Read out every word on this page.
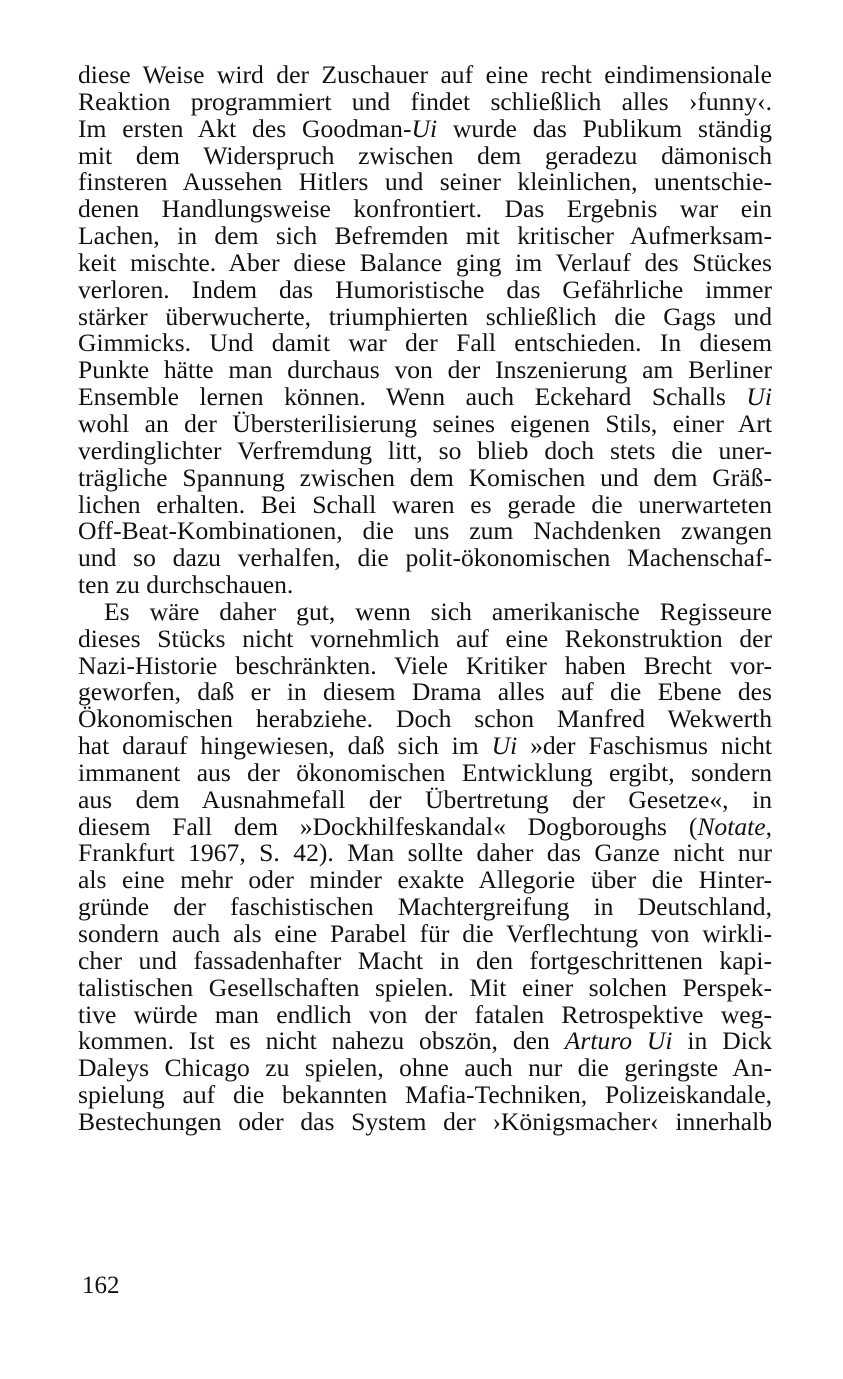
diese Weise wird der Zuschauer auf eine recht eindimensionale
Reaktion programmiert und findet schließlich alles ›funny‹.
Im ersten Akt des Goodman-Ui wurde das Publikum ständig
mit dem Widerspruch zwischen dem geradezu dämonisch
finsteren Aussehen Hitlers und seiner kleinlichen, unentschie-
denen Handlungsweise konfrontiert. Das Ergebnis war ein
Lachen, in dem sich Befremden mit kritischer Aufmerksam-
keit mischte. Aber diese Balance ging im Verlauf des Stückes
verloren. Indem das Humoristische das Gefährliche immer
stärker überwucherte, triumphierten schließlich die Gags und
Gimmicks. Und damit war der Fall entschieden. In diesem
Punkte hätte man durchaus von der Inszenierung am Berliner
Ensemble lernen können. Wenn auch Eckehard Schalls Ui
wohl an der Übersterilisierung seines eigenen Stils, einer Art
verdinglichter Verfremdung litt, so blieb doch stets die uner-
trägliche Spannung zwischen dem Komischen und dem Gräß-
lichen erhalten. Bei Schall waren es gerade die unerwarteten
Off-Beat-Kombinationen, die uns zum Nachdenken zwangen
und so dazu verhalfen, die polit-ökonomischen Machenschaf-
ten zu durchschauen.
Es wäre daher gut, wenn sich amerikanische Regisseure
dieses Stücks nicht vornehmlich auf eine Rekonstruktion der
Nazi-Historie beschränkten. Viele Kritiker haben Brecht vor-
geworfen, daß er in diesem Drama alles auf die Ebene des
Ökonomischen herabziehe. Doch schon Manfred Wekwerth
hat darauf hingewiesen, daß sich im Ui »der Faschismus nicht
immanent aus der ökonomischen Entwicklung ergibt, sondern
aus dem Ausnahmefall der Übertretung der Gesetze«, in
diesem Fall dem »Dockhilfeskandal« Dogboroughs (Notate,
Frankfurt 1967, S. 42). Man sollte daher das Ganze nicht nur
als eine mehr oder minder exakte Allegorie über die Hinter-
gründe der faschistischen Machtergreifung in Deutschland,
sondern auch als eine Parabel für die Verflechtung von wirkli-
cher und fassadenhafter Macht in den fortgeschrittenen kapi-
talistischen Gesellschaften spielen. Mit einer solchen Perspek-
tive würde man endlich von der fatalen Retrospektive weg-
kommen. Ist es nicht nahezu obszön, den Arturo Ui in Dick
Daleys Chicago zu spielen, ohne auch nur die geringste An-
spielung auf die bekannten Mafia-Techniken, Polizeiskandale,
Bestechungen oder das System der ›Königsmacher‹ innerhalb
162
